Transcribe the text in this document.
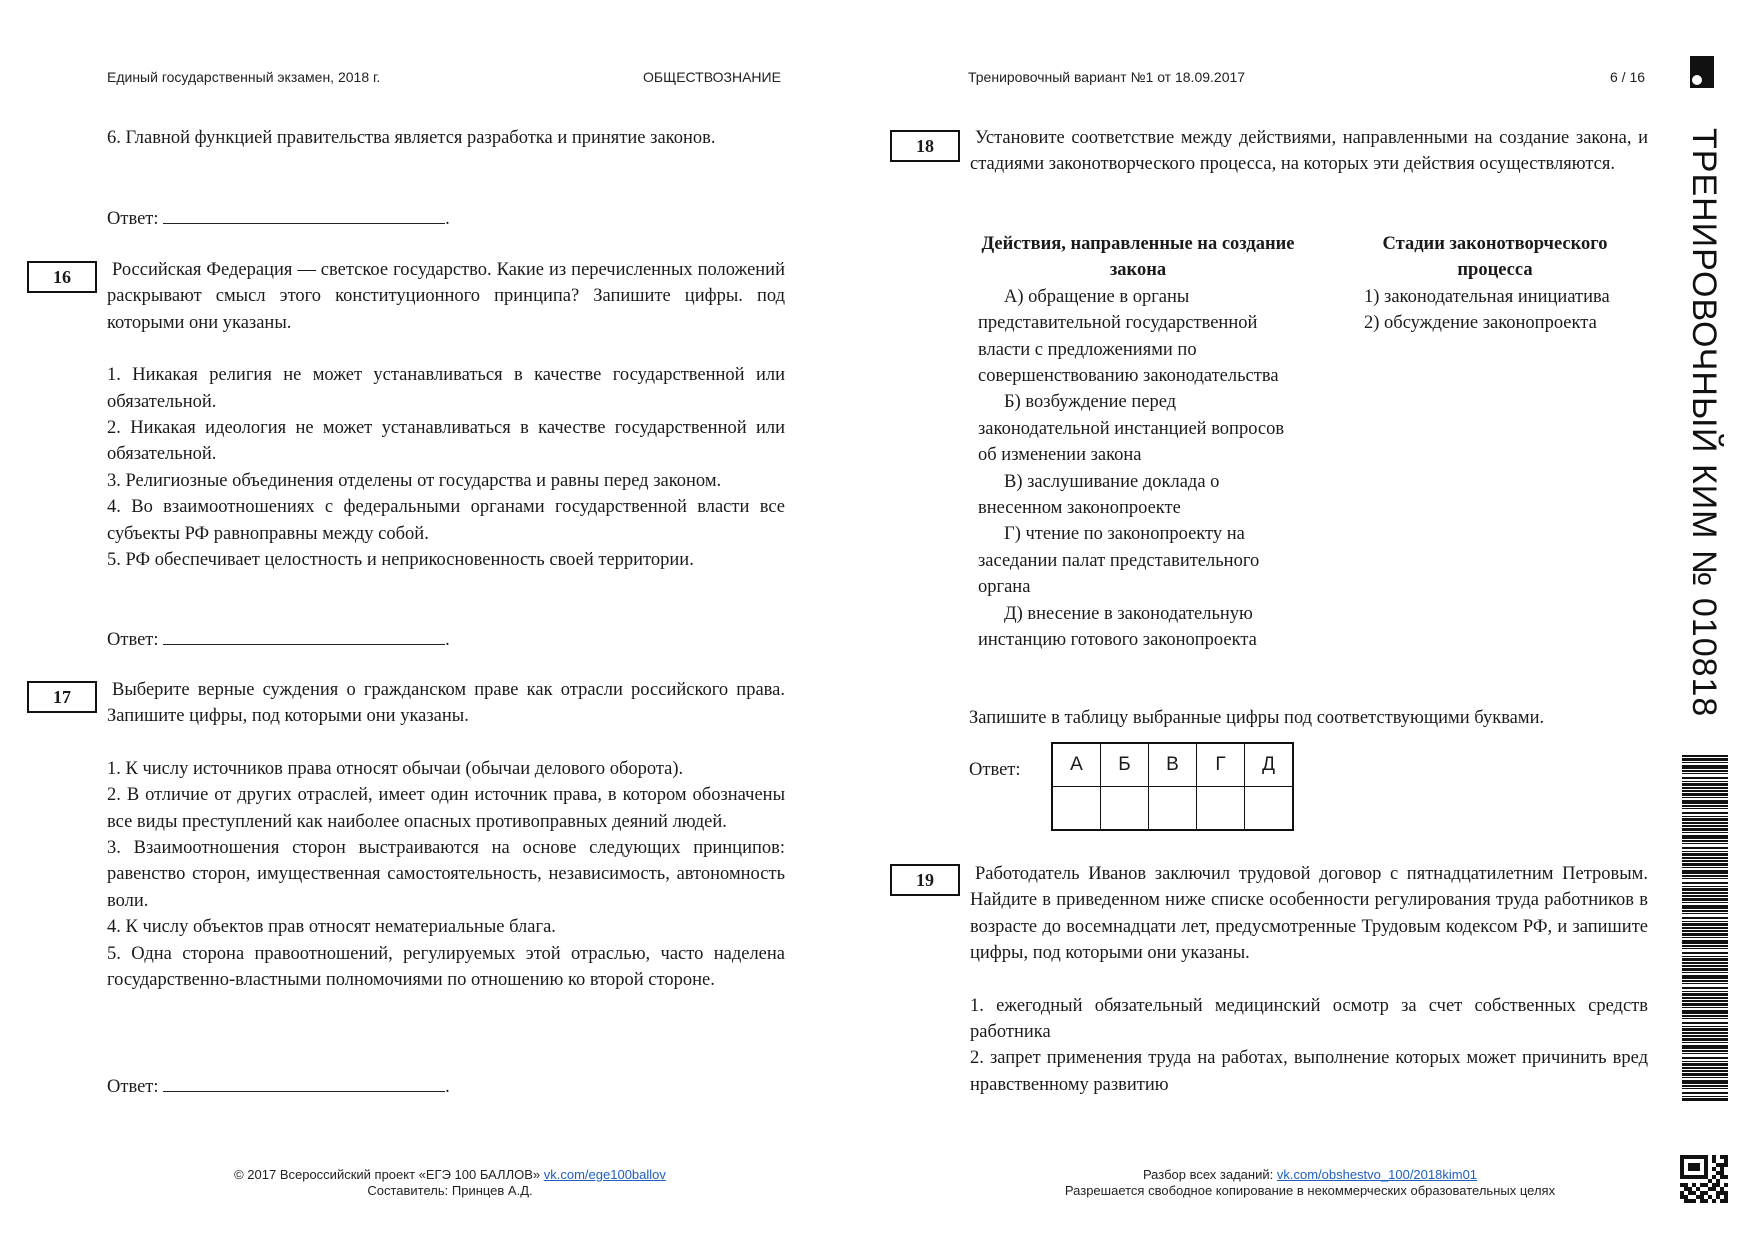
Единый государственный экзамен, 2018 г.	ОБЩЕСТВОЗНАНИЕ	Тренировочный вариант №1 от 18.09.2017	6 / 16

6. Главной функцией правительства является разработка и принятие законов.

Ответ:	.
16	Российская Федерация — светское государство. Какие из перечисленных положений раскрывают смысл этого конституционного принципа? Запишите цифры. под которыми они указаны.

1. Никакая религия не может устанавливаться в качестве государственной или обязательной.

2. Никакая идеология не может устанавливаться в качестве государственной или обязательной.

3. Религиозные объединения отделены от государства и равны перед законом.

4. Во взаимоотношениях с федеральными органами государственной власти все субъекты РФ равноправны между собой.

5. РФ обеспечивает целостность и неприкосновенность своей территории.

Ответ:	.
17	Выберите верные суждения о гражданском праве как отрасли российского права. Запишите цифры, под которыми они указаны.

1. К числу источников права относят обычаи (обычаи делового оборота).

2. В отличие от других отраслей, имеет один источник права, в котором обозначены все виды преступлений как наиболее опасных противоправных деяний людей.

3. Взаимоотношения сторон выстраиваются на основе следующих принципов: равенство сторон, имущественная самостоятельность, независимость, автономность воли.

4. К числу объектов прав относят нематериальные блага.

5. Одна сторона правоотношений, регулируемых этой отраслью, часто наделена государственно-властными полномочиями по отношению ко второй стороне.

Ответ:	.
18	Установите соответствие между действиями, направленными на создание закона, и стадиями законотворческого процесса, на которых эти действия осуществляются.

Действия, направленные на создание закона

А) обращение в органы представительной государственной власти с предложениями по совершенствованию законодательства

Б) возбуждение перед законодательной инстанцией вопросов об изменении закона

В) заслушивание доклада о внесенном законопроекте

Г) чтение по законопроекту на заседании палат представительного органа

Д) внесение в законодательную инстанцию готового законопроекта

Стадии законотворческого процесса

1) законодательная инициатива

2) обсуждение законопроекта

Запишите в таблицу выбранные цифры под соответствующими буквами.
Ответ:	А	Б	В	Г	Д

19	Работодатель Иванов заключил трудовой договор с пятнадцатилетним Петровым. Найдите в приведенном ниже списке особенности регулирования труда работников в возрасте до восемнадцати лет, предусмотренные Трудовым кодексом РФ, и запишите цифры, под которыми они указаны.

1. ежегодный обязательный медицинский осмотр за счет собственных средств работника

2. запрет применения труда на работах, выполнение которых может причинить вред нравственному развитию

ТРЕНИРОВОЧНЫЙ КИМ № 010818
© 2017 Всероссийский проект «ЕГЭ 100 БАЛЛОВ» vk.com/ege100ballov
Составитель: Принцев А.Д.
Разбор всех заданий: vk.com/obshestvo_100/2018kim01
Разрешается свободное копирование в некоммерческих образовательных целях
